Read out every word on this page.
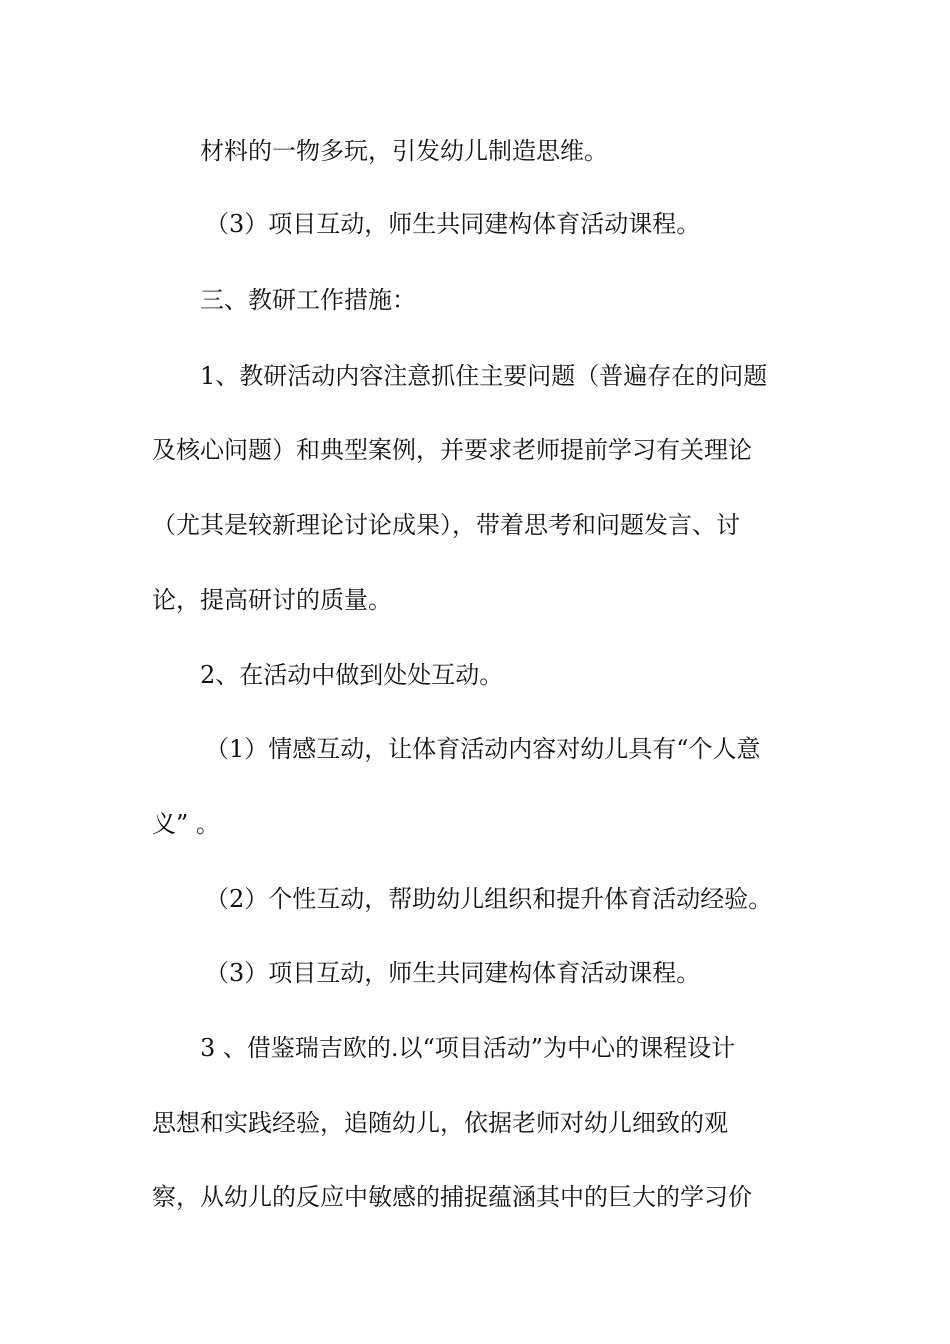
材料的一物多玩，引发幼儿制造思维。
（3）项目互动，师生共同建构体育活动课程。
三、教研工作措施：
1、教研活动内容注意抓住主要问题（普遍存在的问题
及核心问题）和典型案例，并要求老师提前学习有关理论
（尤其是较新理论讨论成果），带着思考和问题发言、讨
论，提高研讨的质量。
2、在活动中做到处处互动。
（1）情感互动，让体育活动内容对幼儿具有“个人意
义” 。
（2）个性互动，帮助幼儿组织和提升体育活动经验。
（3）项目互动，师生共同建构体育活动课程。
3 、借鉴瑞吉欧的.以“项目活动”为中心的课程设计
思想和实践经验，追随幼儿，依据老师对幼儿细致的观
察，从幼儿的反应中敏感的捕捉蕴涵其中的巨大的学习价
